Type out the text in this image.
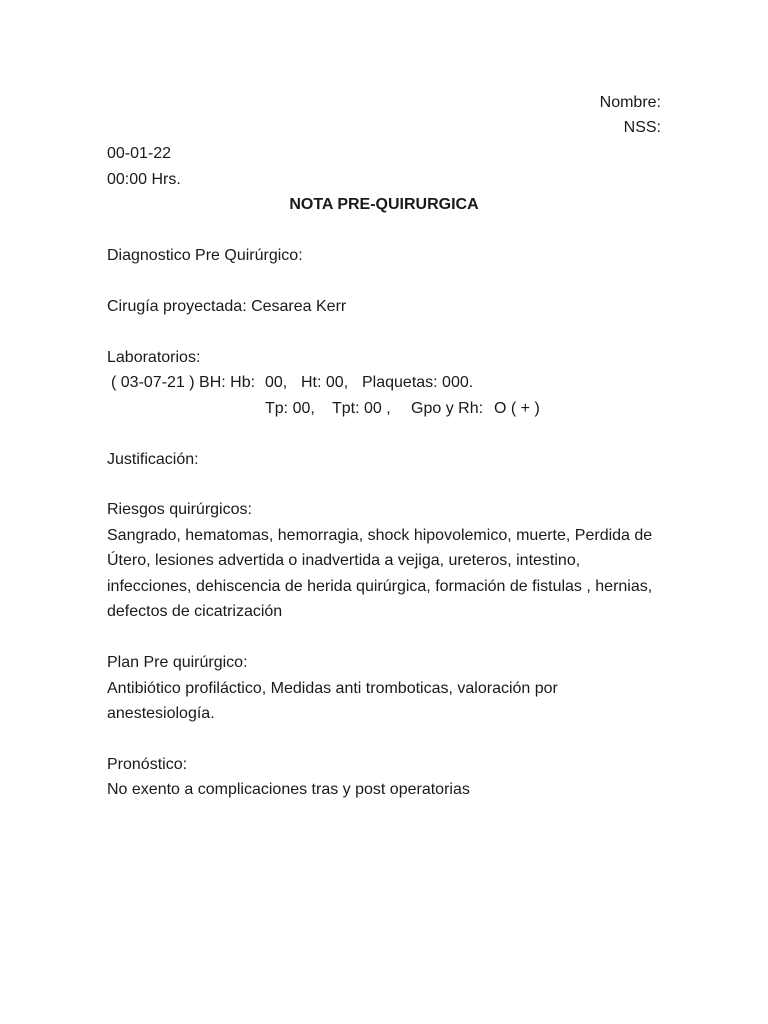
Nombre:
NSS:
00-01-22
00:00 Hrs.
NOTA PRE-QUIRURGICA
Diagnostico Pre Quirúrgico:
Cirugía proyectada: Cesarea Kerr
Laboratorios:
( 03-07-21 ) BH: Hb: 00, Ht: 00, Plaquetas: 000.
Tp: 00, Tpt: 00 , Gpo y Rh: O ( + )
Justificación:
Riesgos quirúrgicos:
Sangrado, hematomas, hemorragia, shock hipovolemico, muerte, Perdida de
Útero, lesiones advertida o inadvertida a vejiga, ureteros, intestino,
infecciones, dehiscencia de herida quirúrgica, formación de fistulas , hernias,
defectos de cicatrización
Plan Pre quirúrgico:
Antibiótico profiláctico, Medidas anti tromboticas, valoración por
anestesiología.
Pronóstico:
No exento a complicaciones tras y post operatorias
